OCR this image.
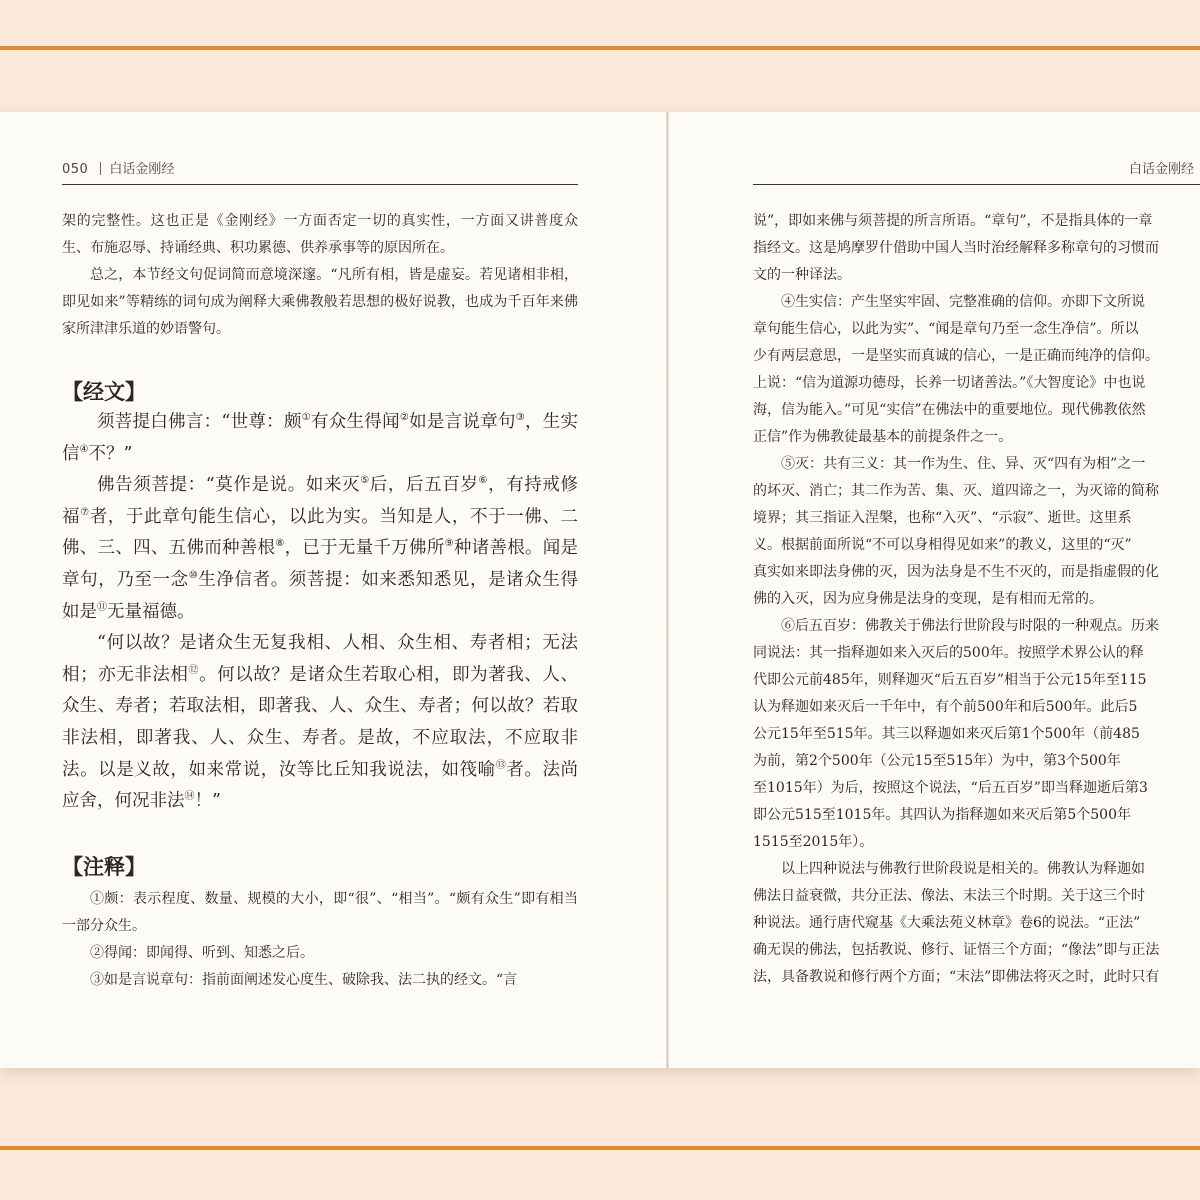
050 白话金刚经

架的完整性。这也正是《金刚经》一方面否定一切的真实性，一方面又讲普度众生、布施忍辱、持诵经典、积功累德、供养承事等的原因所在。

总之，本节经文句促词简而意境深邃。“凡所有相，皆是虚妄。若见诸相非相，即见如来”等精练的词句成为阐释大乘佛教般若思想的极好说教，也成为千百年来佛家所津津乐道的妙语警句。

【经文】

须菩提白佛言：“世尊：颇①有众生得闻②如是言说章句③，生实信④不？”

佛告须菩提：“莫作是说。如来灭⑤后，后五百岁⑥，有持戒修福⑦者，于此章句能生信心，以此为实。当知是人，不于一佛、二佛、三、四、五佛而种善根⑧，已于无量千万佛所⑨种诸善根。闻是章句，乃至一念⑩生净信者。须菩提：如来悉知悉见，是诸众生得如是⑪无量福德。

“何以故？是诸众生无复我相、人相、众生相、寿者相；无法相；亦无非法相⑫。何以故？是诸众生若取心相，即为著我、人、众生、寿者；若取法相，即著我、人、众生、寿者；何以故？若取非法相，即著我、人、众生、寿者。是故，不应取法，不应取非法。以是义故，如来常说，汝等比丘知我说法，如筏喻⑬者。法尚应舍，何况非法⑭！”

【注释】

①颇：表示程度、数量、规模的大小，即“很”、“相当”。“颇有众生”即有相当一部分众生。

②得闻：即闻得、听到、知悉之后。

③如是言说章句：指前面阐述发心度生、破除我、法二执的经文。“言

白话金刚经

说”，即如来佛与须菩提的所言所语。“章句”，不是指具体的一章

指经文。这是鸠摩罗什借助中国人当时治经解释多称章句的习惯而

文的一种译法。

④生实信：产生坚实牢固、完整准确的信仰。亦即下文所说

章句能生信心，以此为实”、“闻是章句乃至一念生净信”。所以

少有两层意思，一是坚实而真诚的信心，一是正确而纯净的信仰。

上说：“信为道源功德母，长养一切诸善法。”《大智度论》中也说

海，信为能入。”可见“实信”在佛法中的重要地位。现代佛教依然

正信”作为佛教徒最基本的前提条件之一。

⑤灭：共有三义：其一作为生、住、异、灭“四有为相”之一

的坏灭、消亡；其二作为苦、集、灭、道四谛之一，为灭谛的简称

境界；其三指证入涅槃，也称“入灭”、“示寂”、逝世。这里系

义。根据前面所说“不可以身相得见如来”的教义，这里的“灭”

真实如来即法身佛的灭，因为法身是不生不灭的，而是指虚假的化

佛的入灭，因为应身佛是法身的变现，是有相而无常的。

⑥后五百岁：佛教关于佛法行世阶段与时限的一种观点。历来

同说法：其一指释迦如来入灭后的500年。按照学术界公认的释

代即公元前485年，则释迦灭“后五百岁”相当于公元15年至115

认为释迦如来灭后一千年中，有个前500年和后500年。此后5

公元15年至515年。其三以释迦如来灭后第1个500年（前485

为前，第2个500年（公元15至515年）为中，第3个500年

至1015年）为后，按照这个说法，“后五百岁”即当释迦逝后第3

即公元515至1015年。其四认为指释迦如来灭后第5个500年

1515至2015年）。

以上四种说法与佛教行世阶段说是相关的。佛教认为释迦如

佛法日益衰微，共分正法、像法、末法三个时期。关于这三个时

种说法。通行唐代窥基《大乘法苑义林章》卷6的说法。“正法”

确无误的佛法，包括教说、修行、证悟三个方面；“像法”即与正法

法，具备教说和修行两个方面；“末法”即佛法将灭之时，此时只有
